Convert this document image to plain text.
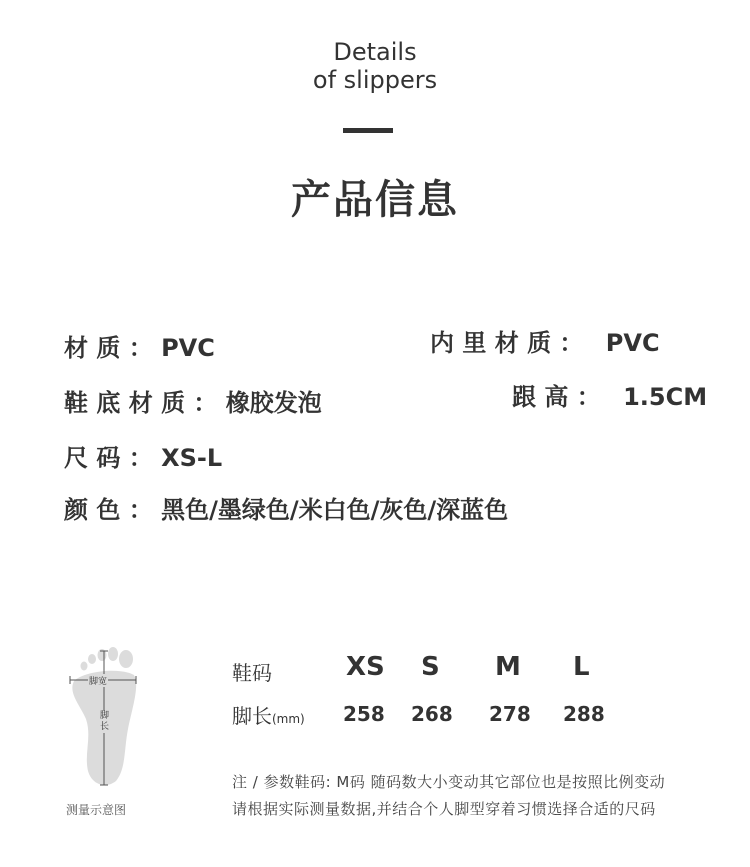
Details
of slippers
产品信息
材 质 ： PVC	内 里 材 质 ： PVC
鞋 底 材 质 ： 橡胶发泡	跟 高 ： 1.5CM
尺 码 ： XS-L
颜 色 ： 黑色/墨绿色/米白色/灰色/深蓝色
脚宽
脚
长
测量示意图
鞋码	XS S M L
脚长(mm) 258 268 278 288
注 / 参数鞋码: M码 随码数大小变动其它部位也是按照比例变动
请根据实际测量数据,并结合个人脚型穿着习惯选择合适的尺码
